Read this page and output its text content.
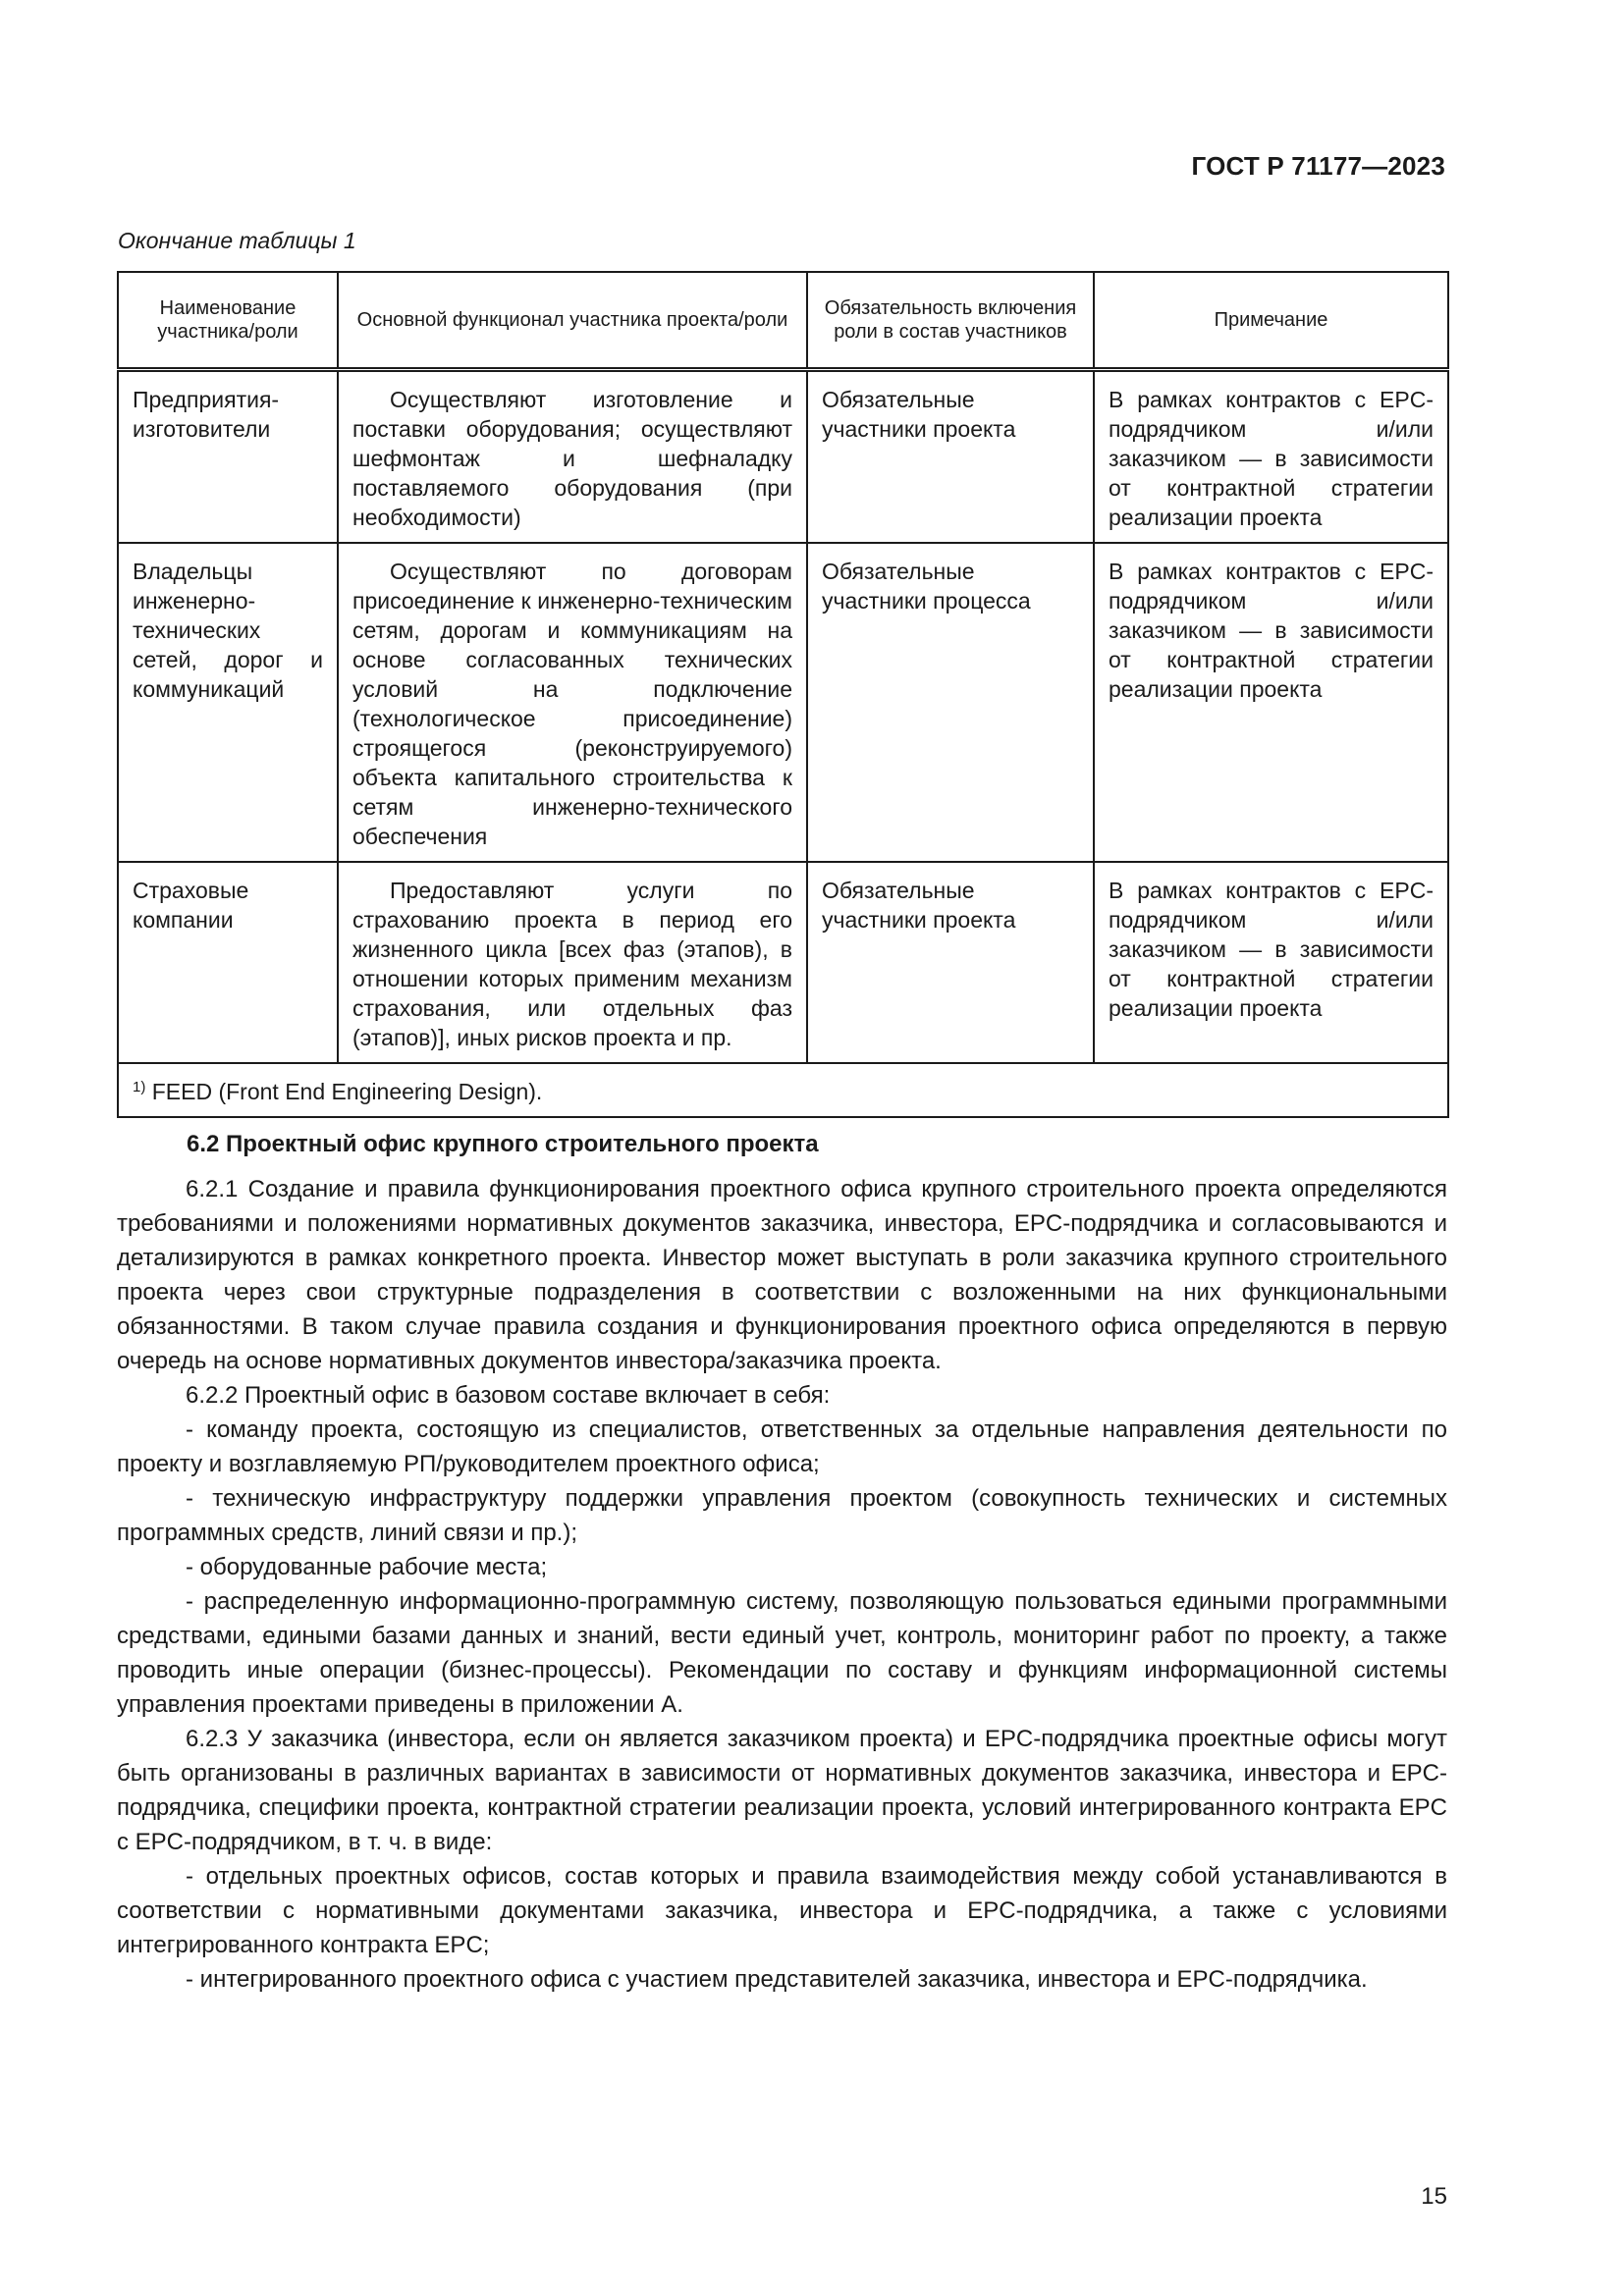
ГОСТ Р 71177—2023
Окончание таблицы 1
Наименование участника/роли	Основной функционал участника проекта/роли	Обязательность включения роли в состав участников	Примечание
Предприятия-изготовители	Осуществляют изготовление и поставки оборудования; осуществляют шефмонтаж и шефналадку поставляемого оборудования (при необходимости)	Обязательные участники проекта	В рамках контрактов с EPC-подрядчиком и/или заказчиком — в зависимости от контрактной стратегии реализации проекта
Владельцы инженерно-технических сетей, дорог и коммуникаций	Осуществляют по договорам присоединение к инженерно-техническим сетям, дорогам и коммуникациям на основе согласованных технических условий на подключение (технологическое присоединение) строящегося (реконструируемого) объекта капитального строительства к сетям инженерно-технического обеспечения	Обязательные участники процесса	В рамках контрактов с EPC-подрядчиком и/или заказчиком — в зависимости от контрактной стратегии реализации проекта
Страховые компании	Предоставляют услуги по страхованию проекта в период его жизненного цикла [всех фаз (этапов), в отношении которых применим механизм страхования, или отдельных фаз (этапов)], иных рисков проекта и пр.	Обязательные участники проекта	В рамках контрактов с EPC-подрядчиком и/или заказчиком — в зависимости от контрактной стратегии реализации проекта
$^{1)}$ FEED (Front End Engineering Design).			
6.2 Проектный офис крупного строительного проекта

6.2.1 Создание и правила функционирования проектного офиса крупного строительного проекта определяются требованиями и положениями нормативных документов заказчика, инвестора, EPC-подрядчика и согласовываются и детализируются в рамках конкретного проекта. Инвестор может выступать в роли заказчика крупного строительного проекта через свои структурные подразделения в соответствии с возложенными на них функциональными обязанностями. В таком случае правила создания и функционирования проектного офиса определяются в первую очередь на основе нормативных документов инвестора/заказчика проекта.

6.2.2 Проектный офис в базовом составе включает в себя:

- команду проекта, состоящую из специалистов, ответственных за отдельные направления деятельности по проекту и возглавляемую РП/руководителем проектного офиса;

- техническую инфраструктуру поддержки управления проектом (совокупность технических и системных программных средств, линий связи и пр.);

- оборудованные рабочие места;

- распределенную информационно-программную систему, позволяющую пользоваться едиными программными средствами, едиными базами данных и знаний, вести единый учет, контроль, мониторинг работ по проекту, а также проводить иные операции (бизнес-процессы). Рекомендации по составу и функциям информационной системы управления проектами приведены в приложении А.

6.2.3 У заказчика (инвестора, если он является заказчиком проекта) и EPC-подрядчика проектные офисы могут быть организованы в различных вариантах в зависимости от нормативных документов заказчика, инвестора и EPC-подрядчика, специфики проекта, контрактной стратегии реализации проекта, условий интегрированного контракта EPC с EPC-подрядчиком, в т. ч. в виде:

- отдельных проектных офисов, состав которых и правила взаимодействия между собой устанавливаются в соответствии с нормативными документами заказчика, инвестора и EPC-подрядчика, а также с условиями интегрированного контракта EPC;

- интегрированного проектного офиса с участием представителей заказчика, инвестора и EPC-подрядчика.

15
